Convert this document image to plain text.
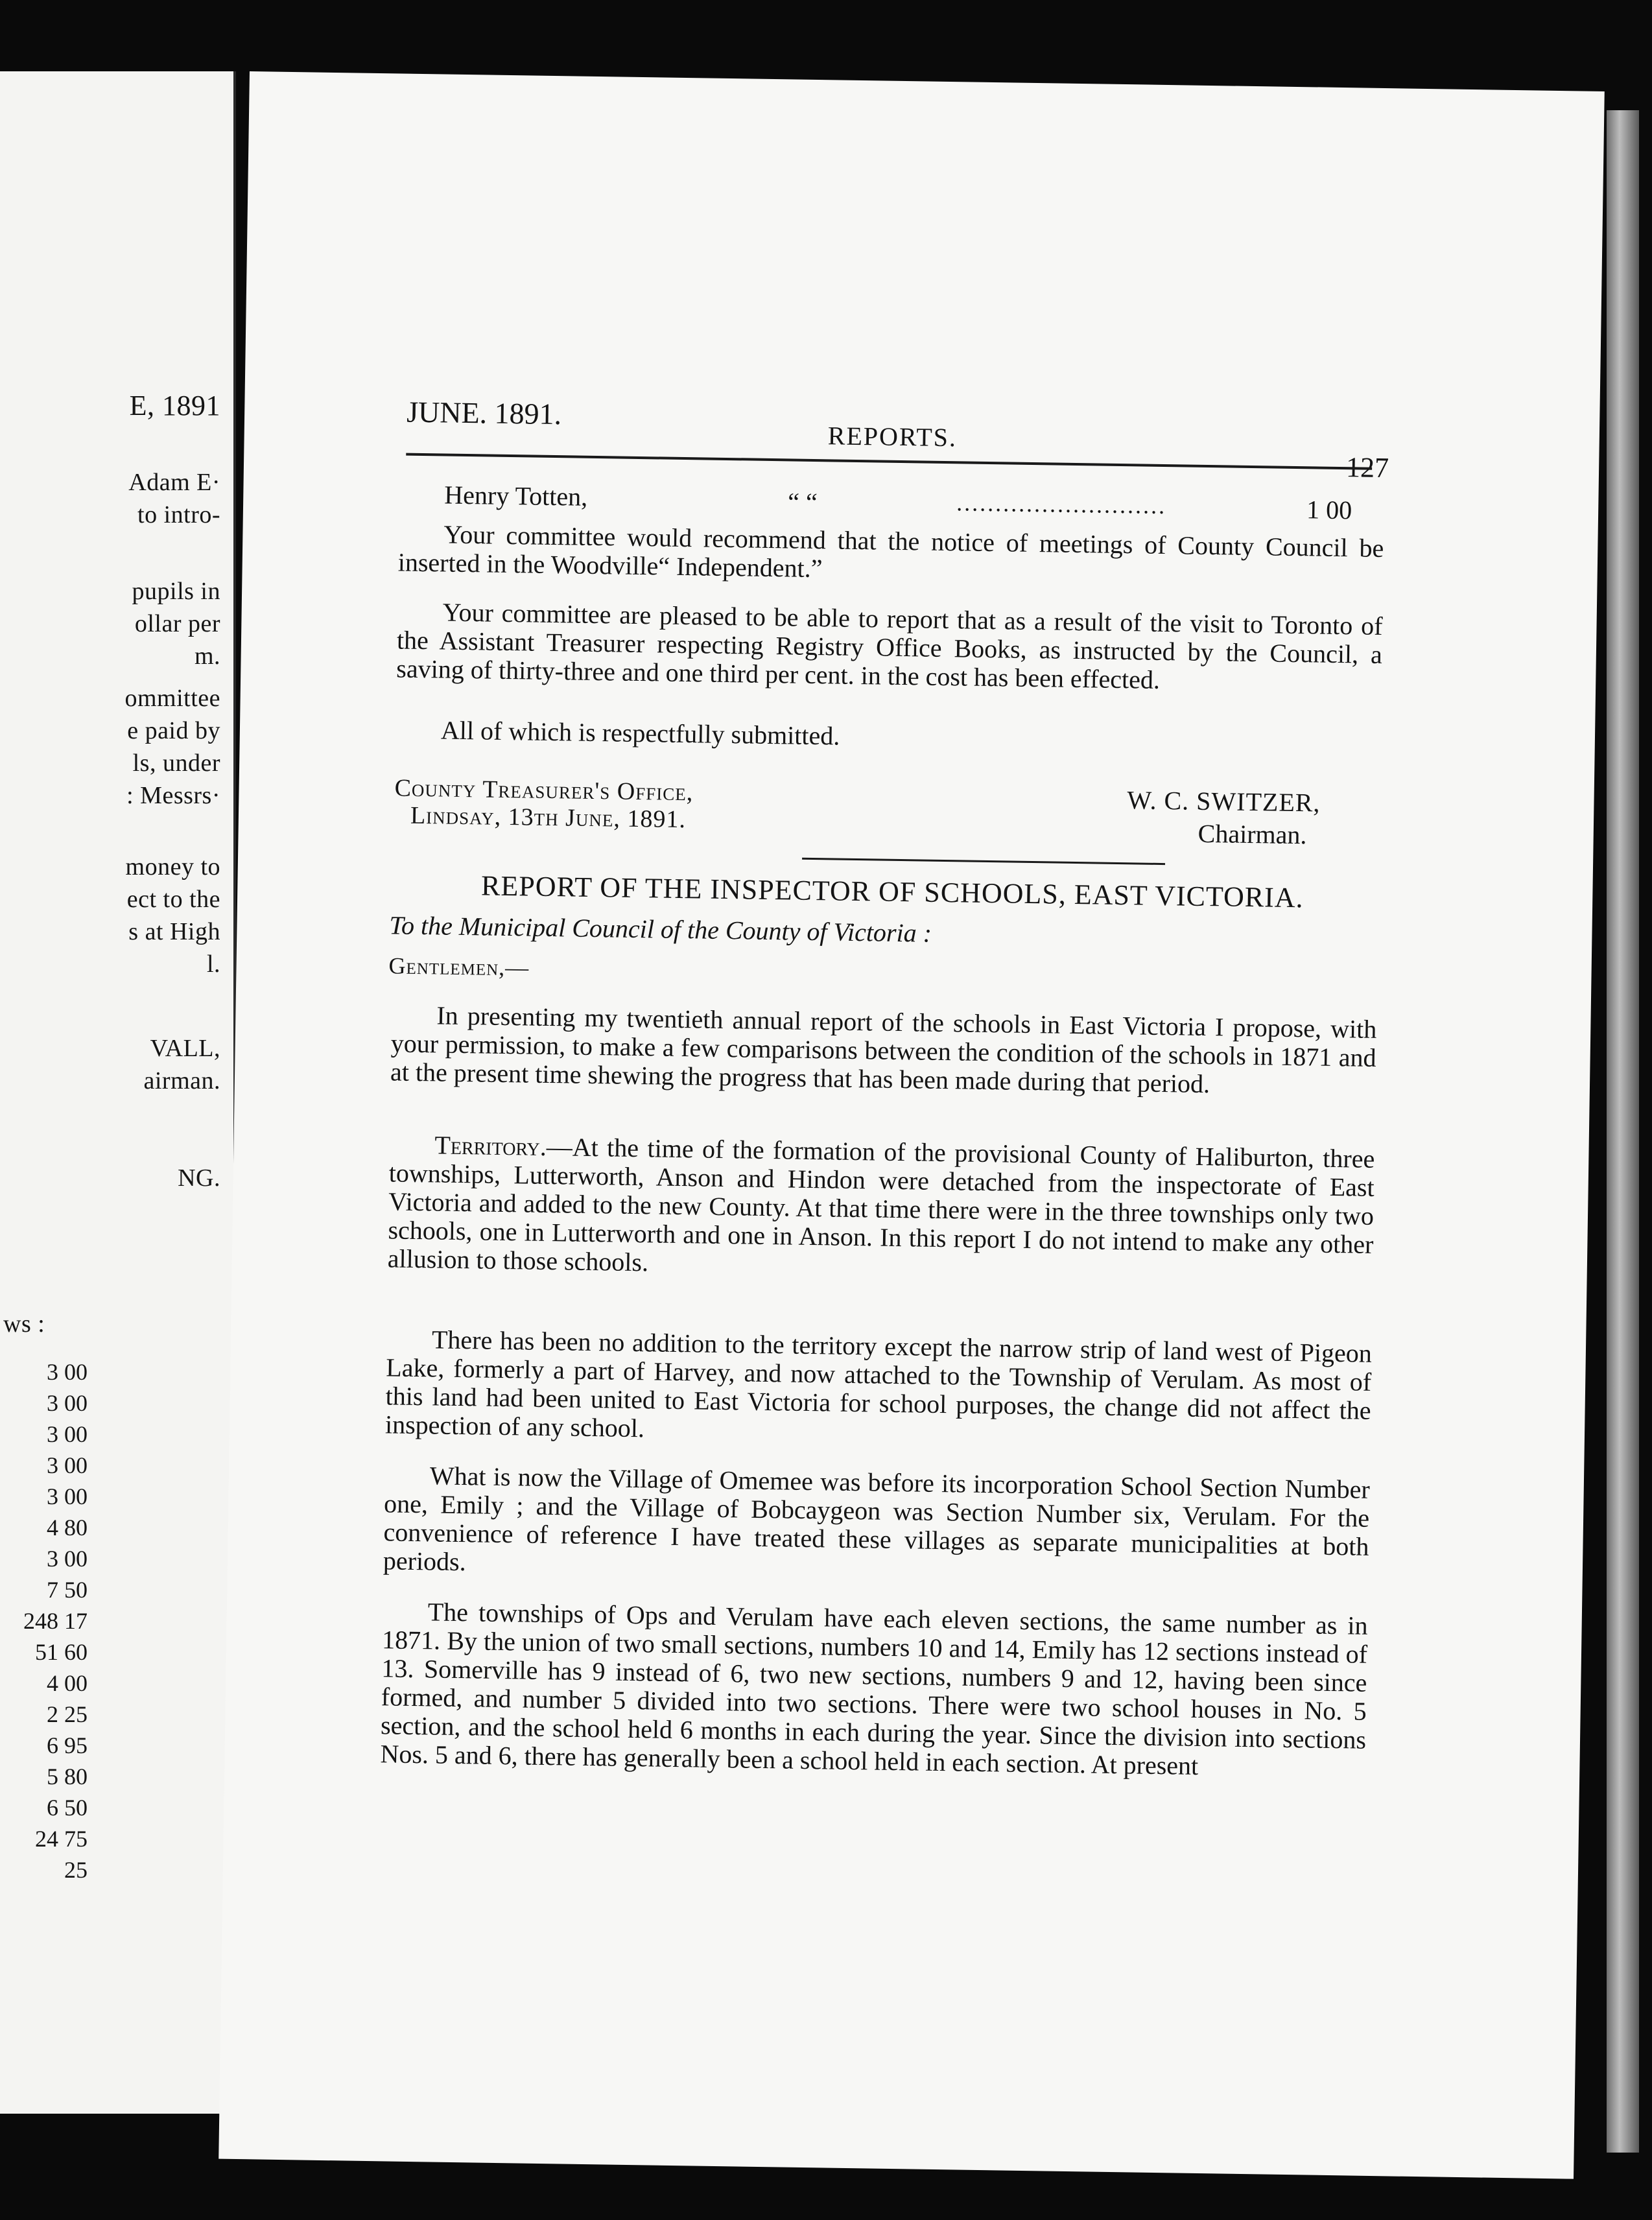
E, 1891
Adam E·
to intro-
pupils in
ollar per
m.
ommittee
e paid by
ls, under
: Messrs·
money to
ect to the
s at High
l.
VALL,
airman.
NG.
ws :
3 00
3 00
3 00
3 00
3 00
4 80
3 00
7 50
248 17
51 60
4 00
2 25
6 95
5 80
6 50
24 75
25
JUNE. 1891.
REPORTS.
127
Henry Totten,	“ “	...........................	1 00

Your committee would recommend that the notice of meetings of County Council be inserted in the Woodville“ Independent.”

Your committee are pleased to be able to report that as a result of the visit to Toronto of the Assistant Treasurer respecting Registry Office Books, as instructed by the Council, a saving of thirty-three and one third per cent. in the cost has been effected.

All of which is respectfully submitted.

County Treasurer's Office,
Lindsay, 13th June, 1891.
W. C. SWITZER,
Chairman.
REPORT OF THE INSPECTOR OF SCHOOLS, EAST VICTORIA.
To the Municipal Council of the County of Victoria :
Gentlemen,—

In presenting my twentieth annual report of the schools in East Victoria I propose, with your permission, to make a few comparisons between the condition of the schools in 1871 and at the present time shewing the progress that has been made during that period.

Territory.—At the time of the formation of the provisional County of Haliburton, three townships, Lutterworth, Anson and Hindon were detached from the inspectorate of East Victoria and added to the new County. At that time there were in the three townships only two schools, one in Lutterworth and one in Anson. In this report I do not intend to make any other allusion to those schools.

There has been no addition to the territory except the narrow strip of land west of Pigeon Lake, formerly a part of Harvey, and now attached to the Township of Verulam. As most of this land had been united to East Victoria for school purposes, the change did not affect the inspection of any school.

What is now the Village of Omemee was before its incorporation School Section Number one, Emily ; and the Village of Bobcaygeon was Section Number six, Verulam. For the convenience of reference I have treated these villages as separate municipalities at both periods.

The townships of Ops and Verulam have each eleven sections, the same number as in 1871. By the union of two small sections, numbers 10 and 14, Emily has 12 sections instead of 13. Somerville has 9 instead of 6, two new sections, numbers 9 and 12, having been since formed, and number 5 divided into two sections. There were two school houses in No. 5 section, and the school held 6 months in each during the year. Since the division into sections Nos. 5 and 6, there has generally been a school held in each section. At present
